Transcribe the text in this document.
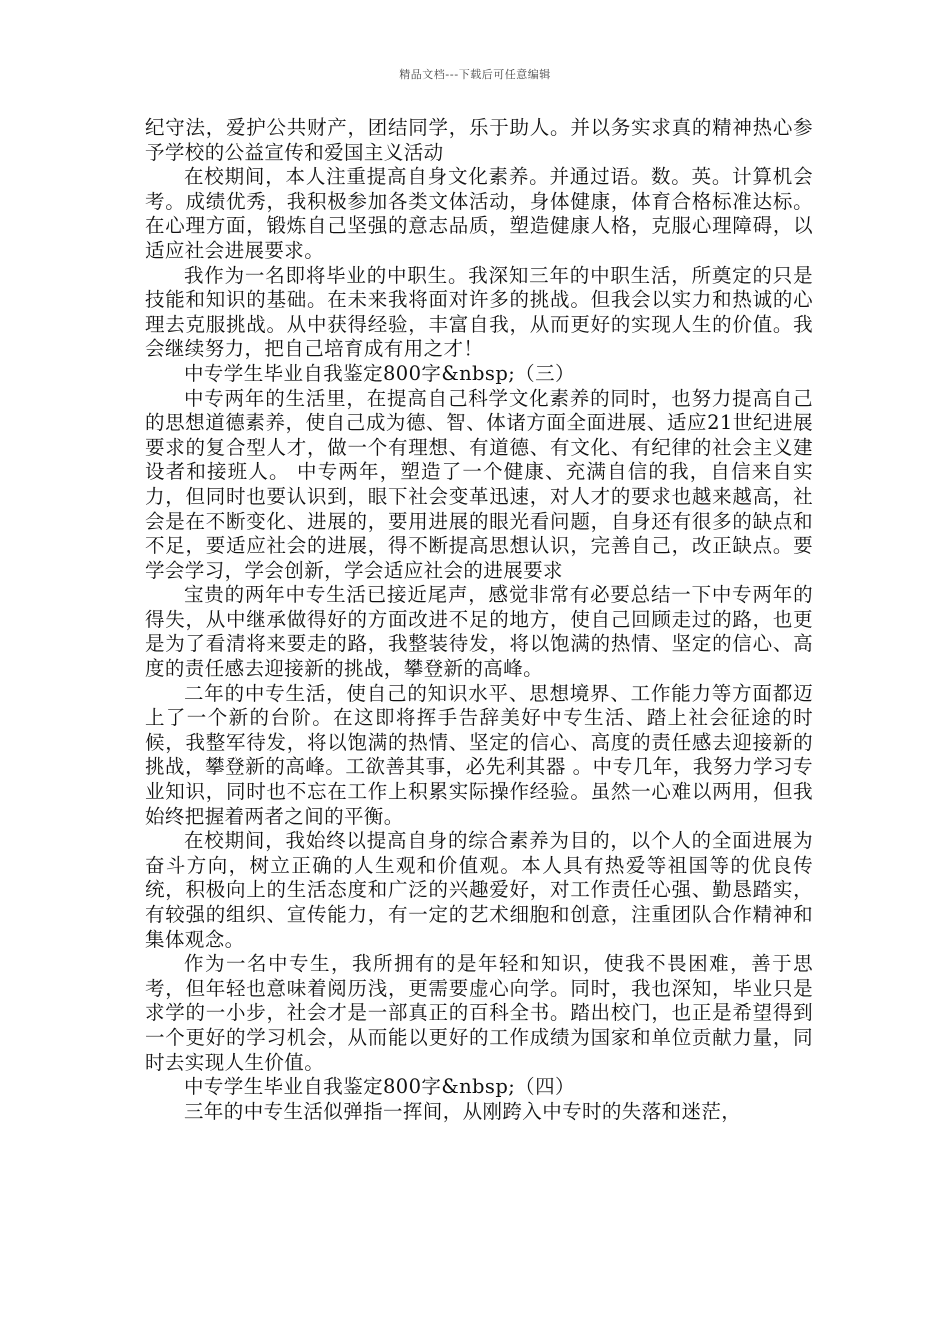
精品文档---下载后可任意编辑

纪守法，爱护公共财产，团结同学，乐于助人。并以务实求真的精神热心参予学校的公益宣传和爱国主义活动

在校期间，本人注重提高自身文化素养。并通过语。数。英。计算机会考。成绩优秀，我积极参加各类文体活动，身体健康，体育合格标准达标。在心理方面，锻炼自己坚强的意志品质，塑造健康人格，克服心理障碍，以适应社会进展要求。

我作为一名即将毕业的中职生。我深知三年的中职生活，所奠定的只是技能和知识的基础。在未来我将面对许多的挑战。但我会以实力和热诚的心理去克服挑战。从中获得经验，丰富自我，从而更好的实现人生的价值。我会继续努力，把自己培育成有用之才！

中专学生毕业自我鉴定800字&nbsp;（三）

中专两年的生活里，在提高自己科学文化素养的同时，也努力提高自己的思想道德素养，使自己成为德、智、体诸方面全面进展、适应21世纪进展要求的复合型人才，做一个有理想、有道德、有文化、有纪律的社会主义建设者和接班人。 中专两年，塑造了一个健康、充满自信的我，自信来自实力，但同时也要认识到，眼下社会变革迅速，对人才的要求也越来越高，社会是在不断变化、进展的，要用进展的眼光看问题，自身还有很多的缺点和不足，要适应社会的进展，得不断提高思想认识，完善自己，改正缺点。要学会学习，学会创新，学会适应社会的进展要求

宝贵的两年中专生活已接近尾声，感觉非常有必要总结一下中专两年的得失，从中继承做得好的方面改进不足的地方，使自己回顾走过的路，也更是为了看清将来要走的路，我整装待发，将以饱满的热情、坚定的信心、高度的责任感去迎接新的挑战，攀登新的高峰。

二年的中专生活，使自己的知识水平、思想境界、工作能力等方面都迈上了一个新的台阶。在这即将挥手告辞美好中专生活、踏上社会征途的时候，我整军待发，将以饱满的热情、坚定的信心、高度的责任感去迎接新的挑战，攀登新的高峰。工欲善其事，必先利其器 。中专几年，我努力学习专业知识，同时也不忘在工作上积累实际操作经验。虽然一心难以两用，但我始终把握着两者之间的平衡。

在校期间，我始终以提高自身的综合素养为目的，以个人的全面进展为奋斗方向，树立正确的人生观和价值观。本人具有热爱等祖国等的优良传统，积极向上的生活态度和广泛的兴趣爱好，对工作责任心强、勤恳踏实，有较强的组织、宣传能力，有一定的艺术细胞和创意，注重团队合作精神和集体观念。

作为一名中专生，我所拥有的是年轻和知识，使我不畏困难，善于思考，但年轻也意味着阅历浅，更需要虚心向学。同时，我也深知，毕业只是求学的一小步，社会才是一部真正的百科全书。踏出校门，也正是希望得到一个更好的学习机会，从而能以更好的工作成绩为国家和单位贡献力量，同时去实现人生价值。

中专学生毕业自我鉴定800字&nbsp;（四）

三年的中专生活似弹指一挥间，从刚跨入中专时的失落和迷茫，
